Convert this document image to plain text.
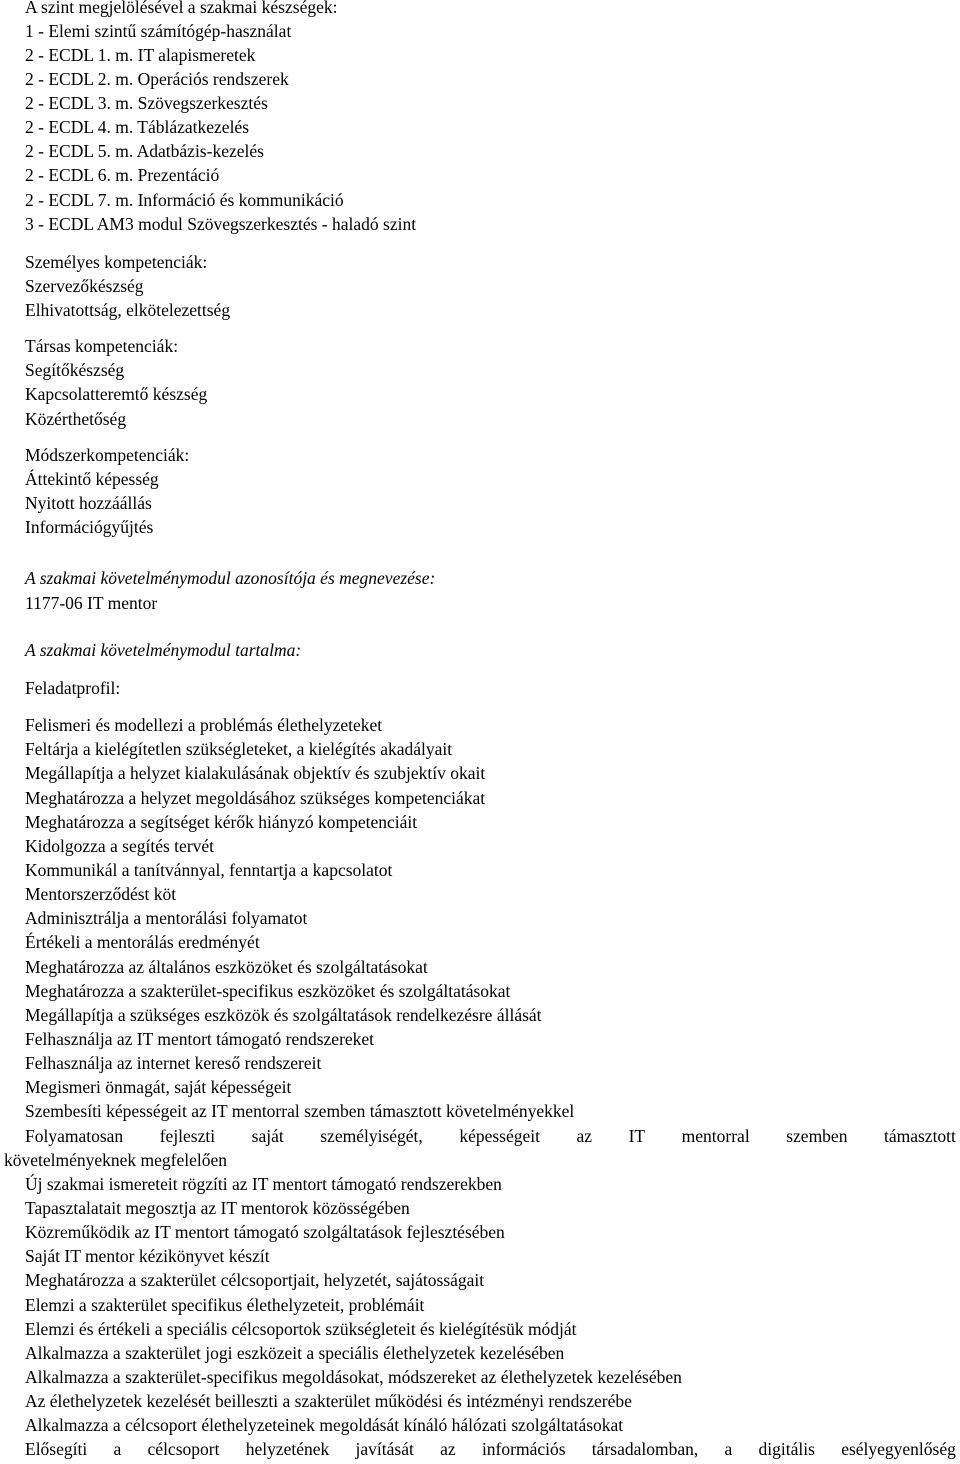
A szint megjelölésével a szakmai készségek:
1 - Elemi szintű számítógép-használat
2 - ECDL 1. m. IT alapismeretek
2 - ECDL 2. m. Operációs rendszerek
2 - ECDL 3. m. Szövegszerkesztés
2 - ECDL 4. m. Táblázatkezelés
2 - ECDL 5. m. Adatbázis-kezelés
2 - ECDL 6. m. Prezentáció
2 - ECDL 7. m. Információ és kommunikáció
3 - ECDL AM3 modul Szövegszerkesztés - haladó szint
Személyes kompetenciák:
Szervezőkészség
Elhivatottság, elkötelezettség
Társas kompetenciák:
Segítőkészség
Kapcsolatteremtő készség
Közérthetőség
Módszerkompetenciák:
Áttekintő képesség
Nyitott hozzáállás
Információgyűjtés
A szakmai követelménymodul azonosítója és megnevezése:
1177-06 IT mentor
A szakmai követelménymodul tartalma:
Feladatprofil:
Felismeri és modellezi a problémás élethelyzeteket
Feltárja a kielégítetlen szükségleteket, a kielégítés akadályait
Megállapítja a helyzet kialakulásának objektív és szubjektív okait
Meghatározza a helyzet megoldásához szükséges kompetenciákat
Meghatározza a segítséget kérők hiányzó kompetenciáit
Kidolgozza a segítés tervét
Kommunikál a tanítvánnyal, fenntartja a kapcsolatot
Mentorszerződést köt
Adminisztrálja a mentorálási folyamatot
Értékeli a mentorálás eredményét
Meghatározza az általános eszközöket és szolgáltatásokat
Meghatározza a szakterület-specifikus eszközöket és szolgáltatásokat
Megállapítja a szükséges eszközök és szolgáltatások rendelkezésre állását
Felhasználja az IT mentort támogató rendszereket
Felhasználja az internet kereső rendszereit
Megismeri önmagát, saját képességeit
Szembesíti képességeit az IT mentorral szemben támasztott követelményekkel
Folyamatosan fejleszti saját személyiségét, képességeit az IT mentorral szemben támasztott
követelményeknek megfelelően
Új szakmai ismereteit rögzíti az IT mentort támogató rendszerekben
Tapasztalatait megosztja az IT mentorok közösségében
Közreműködik az IT mentort támogató szolgáltatások fejlesztésében
Saját IT mentor kézikönyvet készít
Meghatározza a szakterület célcsoportjait, helyzetét, sajátosságait
Elemzi a szakterület specifikus élethelyzeteit, problémáit
Elemzi és értékeli a speciális célcsoportok szükségleteit és kielégítésük módját
Alkalmazza a szakterület jogi eszközeit a speciális élethelyzetek kezelésében
Alkalmazza a szakterület-specifikus megoldásokat, módszereket az élethelyzetek kezelésében
Az élethelyzetek kezelését beilleszti a szakterület működési és intézményi rendszerébe
Alkalmazza a célcsoport élethelyzeteinek megoldását kínáló hálózati szolgáltatásokat
Elősegíti a célcsoport helyzetének javítását az információs társadalomban, a digitális esélyegyenlőség
